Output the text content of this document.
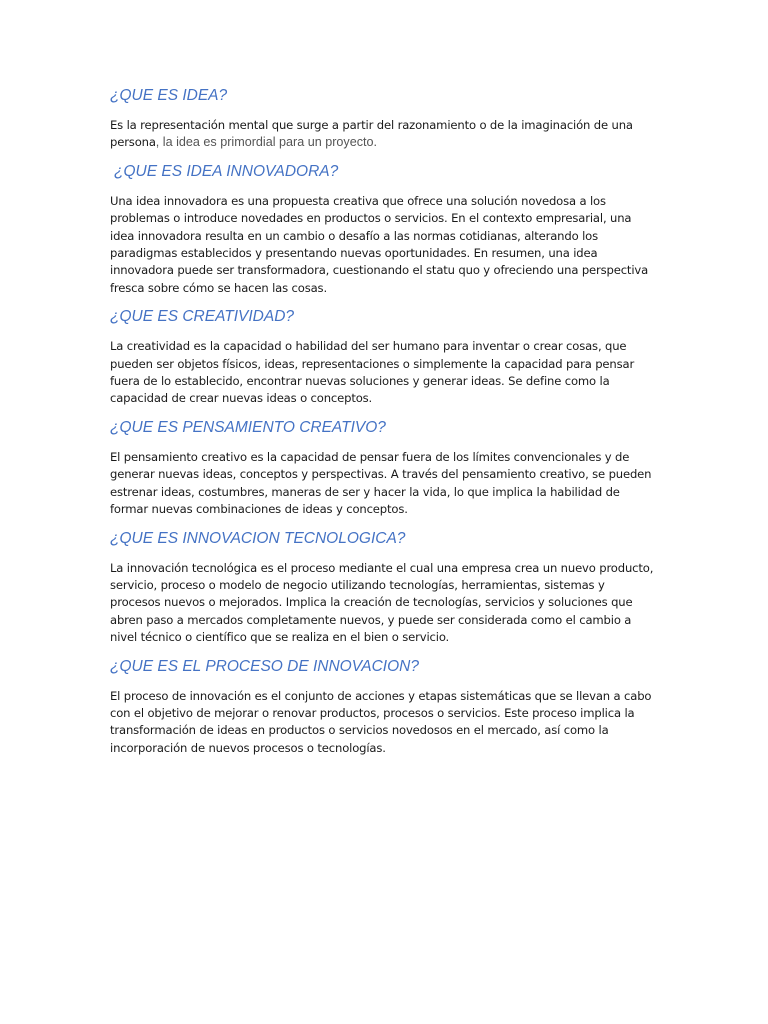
¿QUE ES IDEA?

Es la representación mental que surge a partir del razonamiento o de la imaginación de una persona, la idea es primordial para un proyecto.

¿QUE ES IDEA INNOVADORA?

Una idea innovadora es una propuesta creativa que ofrece una solución novedosa a los problemas o introduce novedades en productos o servicios. En el contexto empresarial, una idea innovadora resulta en un cambio o desafío a las normas cotidianas, alterando los paradigmas establecidos y presentando nuevas oportunidades. En resumen, una idea innovadora puede ser transformadora, cuestionando el statu quo y ofreciendo una perspectiva fresca sobre cómo se hacen las cosas.

¿QUE ES CREATIVIDAD?

La creatividad es la capacidad o habilidad del ser humano para inventar o crear cosas, que pueden ser objetos físicos, ideas, representaciones o simplemente la capacidad para pensar fuera de lo establecido, encontrar nuevas soluciones y generar ideas. Se define como la capacidad de crear nuevas ideas o conceptos.

¿QUE ES PENSAMIENTO CREATIVO?

El pensamiento creativo es la capacidad de pensar fuera de los límites convencionales y de generar nuevas ideas, conceptos y perspectivas. A través del pensamiento creativo, se pueden estrenar ideas, costumbres, maneras de ser y hacer la vida, lo que implica la habilidad de formar nuevas combinaciones de ideas y conceptos.

¿QUE ES INNOVACION TECNOLOGICA?

La innovación tecnológica es el proceso mediante el cual una empresa crea un nuevo producto, servicio, proceso o modelo de negocio utilizando tecnologías, herramientas, sistemas y procesos nuevos o mejorados. Implica la creación de tecnologías, servicios y soluciones que abren paso a mercados completamente nuevos, y puede ser considerada como el cambio a nivel técnico o científico que se realiza en el bien o servicio.

¿QUE ES EL PROCESO DE INNOVACION?

El proceso de innovación es el conjunto de acciones y etapas sistemáticas que se llevan a cabo con el objetivo de mejorar o renovar productos, procesos o servicios. Este proceso implica la transformación de ideas en productos o servicios novedosos en el mercado, así como la incorporación de nuevos procesos o tecnologías.
